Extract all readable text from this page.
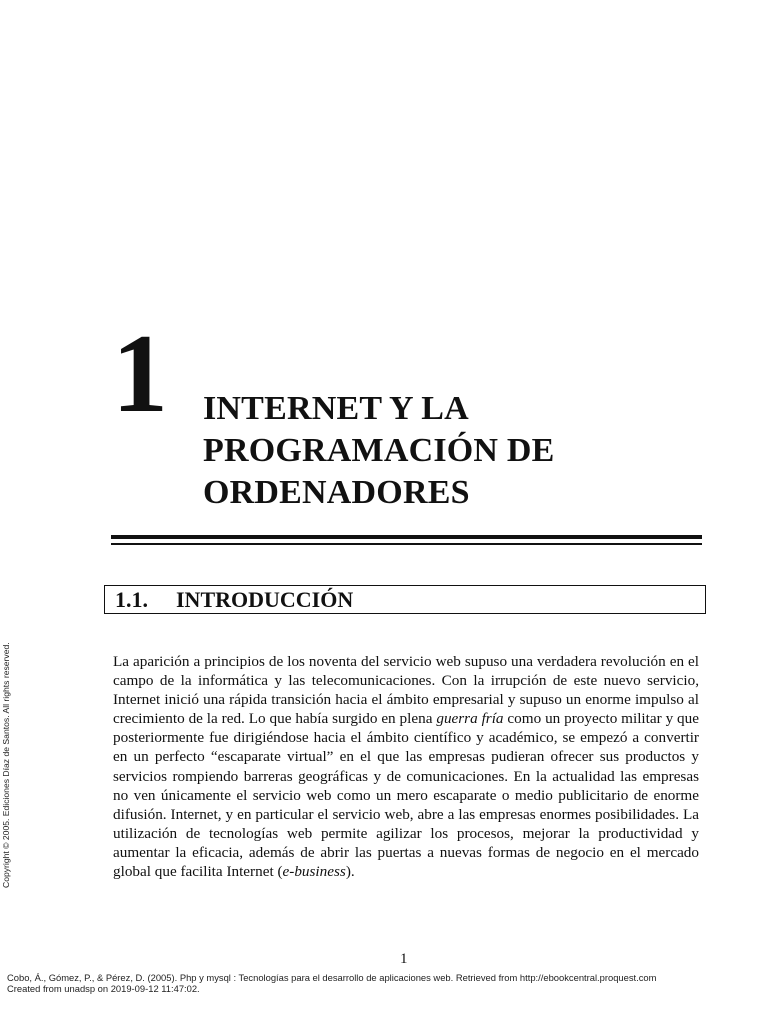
1 INTERNET Y LA
PROGRAMACIÓN DE
ORDENADORES
1.1. INTRODUCCIÓN

La aparición a principios de los noventa del servicio web supuso una verdadera revolución en el campo de la informática y las telecomunicaciones. Con la irrupción de este nuevo servicio, Internet inició una rápida transición hacia el ámbito empresarial y supuso un enorme impulso al crecimiento de la red. Lo que había surgido en plena guerra fría como un proyecto militar y que posteriormente fue dirigiéndose hacia el ámbito científico y académico, se empezó a convertir en un perfecto “escaparate virtual” en el que las empresas pudieran ofrecer sus productos y servicios rompiendo barreras geográficas y de comunicaciones. En la actualidad las empresas no ven únicamente el servicio web como un mero escaparate o medio publicitario de enorme difusión. Internet, y en particular el servicio web, abre a las empresas enormes posibilidades. La utilización de tecnologías web permite agilizar los procesos, mejorar la productividad y aumentar la eficacia, además de abrir las puertas a nuevas formas de negocio en el mercado global que facilita Internet (e-business).

Copyright © 2005. Ediciones Díaz de Santos. All rights reserved.
1
Cobo, Á., Gómez, P., & Pérez, D. (2005). Php y mysql : Tecnologías para el desarrollo de aplicaciones web. Retrieved from http://ebookcentral.proquest.com
Created from unadsp on 2019-09-12 11:47:02.
